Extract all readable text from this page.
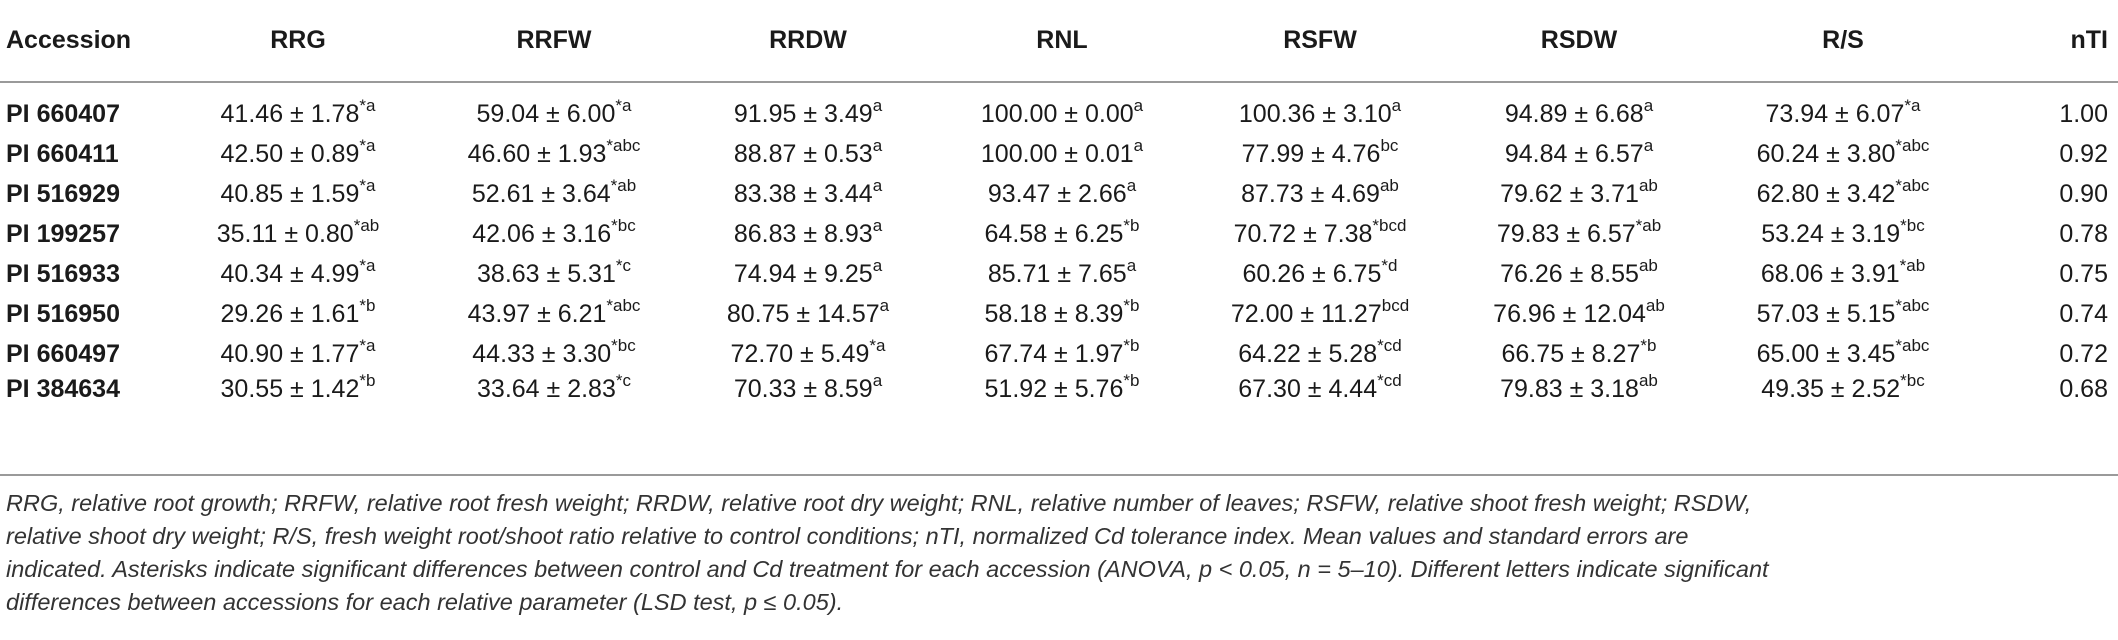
Accession	RRG	RRFW	RRDW	RNL	RSFW	RSDW	R/S	nTI
PI 660407	$41.46 \pm 1.78^{*a}$	$59.04 \pm 6.00^{*a}$	91.95 ± 3.49$^a$	100.00 ± 0.00$^a$	100.36 ± 3.10$^a$	94.89 ± 6.68$^a$	$73.94 \pm 6.07^{*a}$	1.00
PI 660411	$42.50 \pm 0.89^{*a}$	$46.60 \pm 1.93^{*abc}$	88.87 ± 0.53$^a$	100.00 ± 0.01$^a$	77.99 ± 4.76$^{bc}$	94.84 ± 6.57$^a$	$60.24 \pm 3.80^{*abc}$	0.92
PI 516929	$40.85 \pm 1.59^{*a}$	$52.61 \pm 3.64^{*ab}$	83.38 ± 3.44$^a$	93.47 ± 2.66$^a$	87.73 ± 4.69$^{ab}$	79.62 ± 3.71$^{ab}$	$62.80 \pm 3.42^{*abc}$	0.90
PI 199257	$35.11 \pm 0.80^{*ab}$	$42.06 \pm 3.16^{*bc}$	86.83 ± 8.93$^a$	$64.58 \pm 6.25^{*b}$	$70.72 \pm 7.38^{*bcd}$	$79.83 \pm 6.57^{*ab}$	$53.24 \pm 3.19^{*bc}$	0.78
PI 516933	$40.34 \pm 4.99^{*a}$	$38.63 \pm 5.31^{*c}$	74.94 ± 9.25$^a$	85.71 ± 7.65$^a$	$60.26 \pm 6.75^{*d}$	76.26 ± 8.55$^{ab}$	$68.06 \pm 3.91^{*ab}$	0.75
PI 516950	$29.26 \pm 1.61^{*b}$	$43.97 \pm 6.21^{*abc}$	80.75 ± 14.57$^a$	$58.18 \pm 8.39^{*b}$	72.00 ± 11.27$^{bcd}$	76.96 ± 12.04$^{ab}$	$57.03 \pm 5.15^{*abc}$	0.74
PI 660497	$40.90 \pm 1.77^{*a}$	$44.33 \pm 3.30^{*bc}$	$72.70 \pm 5.49^{*a}$	$67.74 \pm 1.97^{*b}$	$64.22 \pm 5.28^{*cd}$	$66.75 \pm 8.27^{*b}$	$65.00 \pm 3.45^{*abc}$	0.72
PI 384634	$30.55 \pm 1.42^{*b}$	$33.64 \pm 2.83^{*c}$	70.33 ± 8.59$^a$	$51.92 \pm 5.76^{*b}$	$67.30 \pm 4.44^{*cd}$	79.83 ± 3.18$^{ab}$	$49.35 \pm 2.52^{*bc}$	0.68
RRG, relative root growth; RRFW, relative root fresh weight; RRDW, relative root dry weight; RNL, relative number of leaves; RSFW, relative shoot fresh weight; RSDW,
relative shoot dry weight; R/S, fresh weight root/shoot ratio relative to control conditions; nTI, normalized Cd tolerance index. Mean values and standard errors are
indicated. Asterisks indicate significant differences between control and Cd treatment for each accession (ANOVA, p < 0.05, n = 5–10). Different letters indicate significant
differences between accessions for each relative parameter (LSD test, p ≤ 0.05).
